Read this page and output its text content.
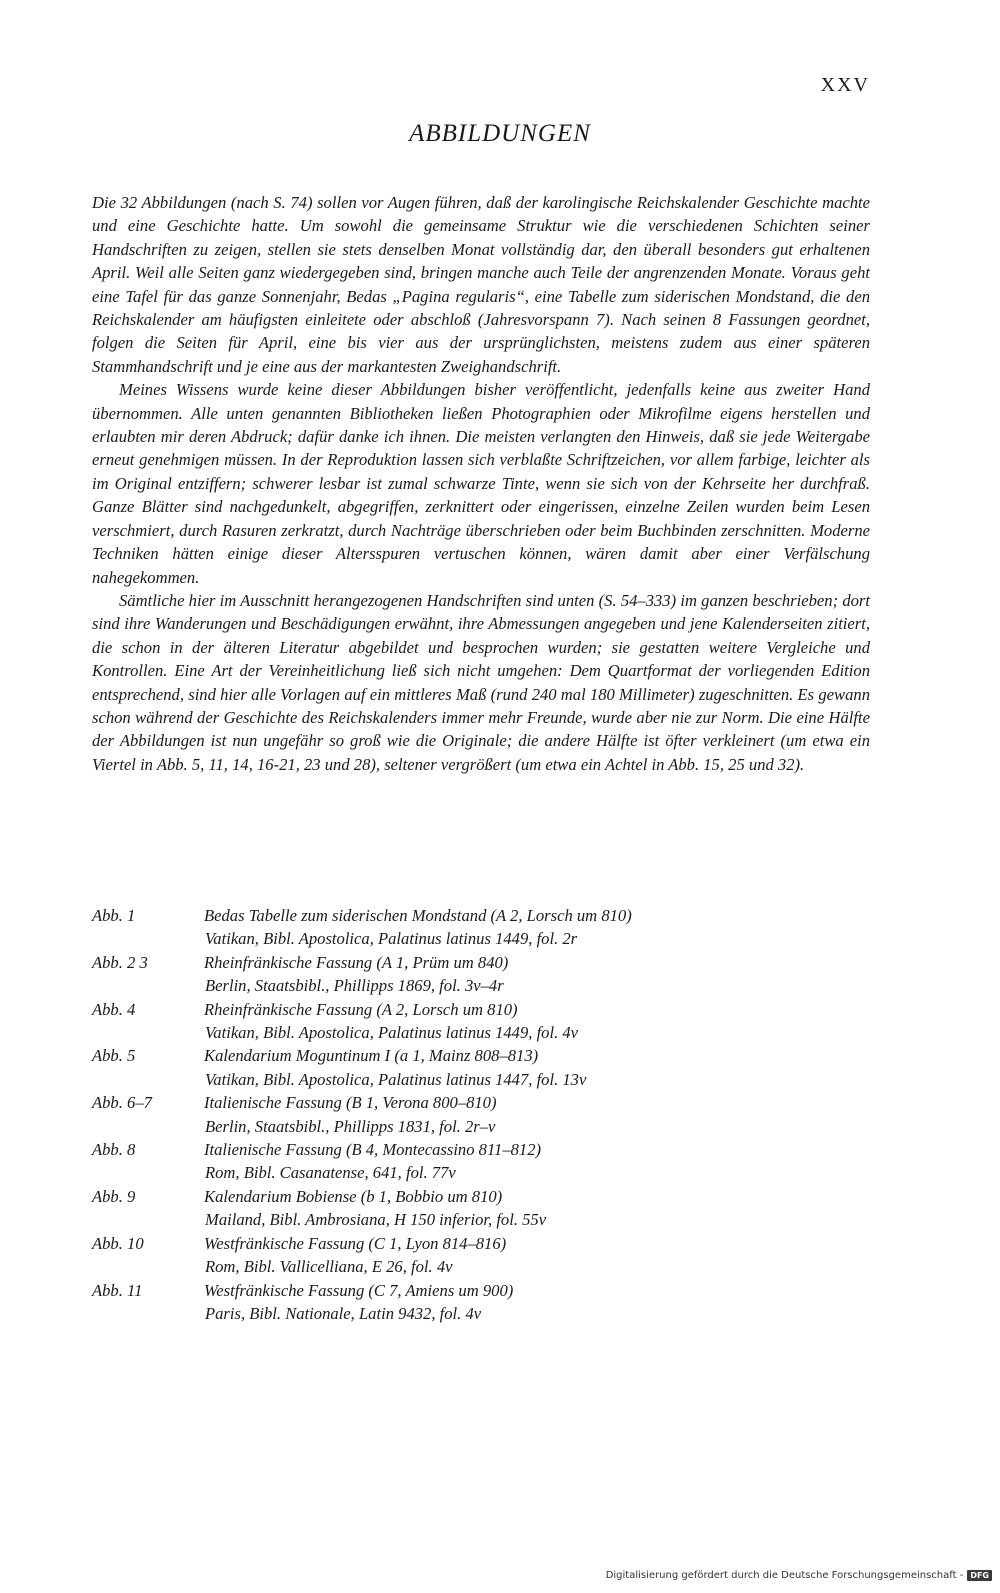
XXV
ABBILDUNGEN

Die 32 Abbildungen (nach S. 74) sollen vor Augen führen, daß der karolingische Reichskalender Geschichte machte und eine Geschichte hatte. Um sowohl die gemeinsame Struktur wie die verschiedenen Schichten seiner Handschriften zu zeigen, stellen sie stets denselben Monat vollständig dar, den überall besonders gut erhaltenen April. Weil alle Seiten ganz wiedergegeben sind, bringen manche auch Teile der angrenzenden Monate. Voraus geht eine Tafel für das ganze Sonnenjahr, Bedas „Pagina regularis“, eine Tabelle zum siderischen Mondstand, die den Reichskalender am häufigsten einleitete oder abschloß (Jahresvorspann 7). Nach seinen 8 Fassungen geordnet, folgen die Seiten für April, eine bis vier aus der ursprünglichsten, meistens zudem aus einer späteren Stammhandschrift und je eine aus der markantesten Zweighandschrift.

Meines Wissens wurde keine dieser Abbildungen bisher veröffentlicht, jedenfalls keine aus zweiter Hand übernommen. Alle unten genannten Bibliotheken ließen Photographien oder Mikrofilme eigens herstellen und erlaubten mir deren Abdruck; dafür danke ich ihnen. Die meisten verlangten den Hinweis, daß sie jede Weitergabe erneut genehmigen müssen. In der Reproduktion lassen sich verblaßte Schriftzeichen, vor allem farbige, leichter als im Original entziffern; schwerer lesbar ist zumal schwarze Tinte, wenn sie sich von der Kehrseite her durchfraß. Ganze Blätter sind nachgedunkelt, abgegriffen, zerknittert oder eingerissen, einzelne Zeilen wurden beim Lesen verschmiert, durch Rasuren zerkratzt, durch Nachträge überschrieben oder beim Buchbinden zerschnitten. Moderne Techniken hätten einige dieser Altersspuren vertuschen können, wären damit aber einer Verfälschung nahegekommen.

Sämtliche hier im Ausschnitt herangezogenen Handschriften sind unten (S. 54–333) im ganzen beschrieben; dort sind ihre Wanderungen und Beschädigungen erwähnt, ihre Abmessungen angegeben und jene Kalenderseiten zitiert, die schon in der älteren Literatur abgebildet und besprochen wurden; sie gestatten weitere Vergleiche und Kontrollen. Eine Art der Vereinheitlichung ließ sich nicht umgehen: Dem Quartformat der vorliegenden Edition entsprechend, sind hier alle Vorlagen auf ein mittleres Maß (rund 240 mal 180 Millimeter) zugeschnitten. Es gewann schon während der Geschichte des Reichskalenders immer mehr Freunde, wurde aber nie zur Norm. Die eine Hälfte der Abbildungen ist nun ungefähr so groß wie die Originale; die andere Hälfte ist öfter verkleinert (um etwa ein Viertel in Abb. 5, 11, 14, 16-21, 23 und 28), seltener vergrößert (um etwa ein Achtel in Abb. 15, 25 und 32).

Abb. 1	Bedas Tabelle zum siderischen Mondstand (A 2, Lorsch um 810)
Vatikan, Bibl. Apostolica, Palatinus latinus 1449, fol. 2r
Abb. 2 3	Rheinfränkische Fassung (A 1, Prüm um 840)
Berlin, Staatsbibl., Phillipps 1869, fol. 3v–4r
Abb. 4	Rheinfränkische Fassung (A 2, Lorsch um 810)
Vatikan, Bibl. Apostolica, Palatinus latinus 1449, fol. 4v
Abb. 5	Kalendarium Moguntinum I (a 1, Mainz 808–813)
Vatikan, Bibl. Apostolica, Palatinus latinus 1447, fol. 13v
Abb. 6–7	Italienische Fassung (B 1, Verona 800–810)
Berlin, Staatsbibl., Phillipps 1831, fol. 2r–v
Abb. 8	Italienische Fassung (B 4, Montecassino 811–812)
Rom, Bibl. Casanatense, 641, fol. 77v
Abb. 9	Kalendarium Bobiense (b 1, Bobbio um 810)
Mailand, Bibl. Ambrosiana, H 150 inferior, fol. 55v
Abb. 10	Westfränkische Fassung (C 1, Lyon 814–816)
Rom, Bibl. Vallicelliana, E 26, fol. 4v
Abb. 11	Westfränkische Fassung (C 7, Amiens um 900)
Paris, Bibl. Nationale, Latin 9432, fol. 4v
Digitalisierung gefördert durch die Deutsche Forschungsgemeinschaft - DFG
